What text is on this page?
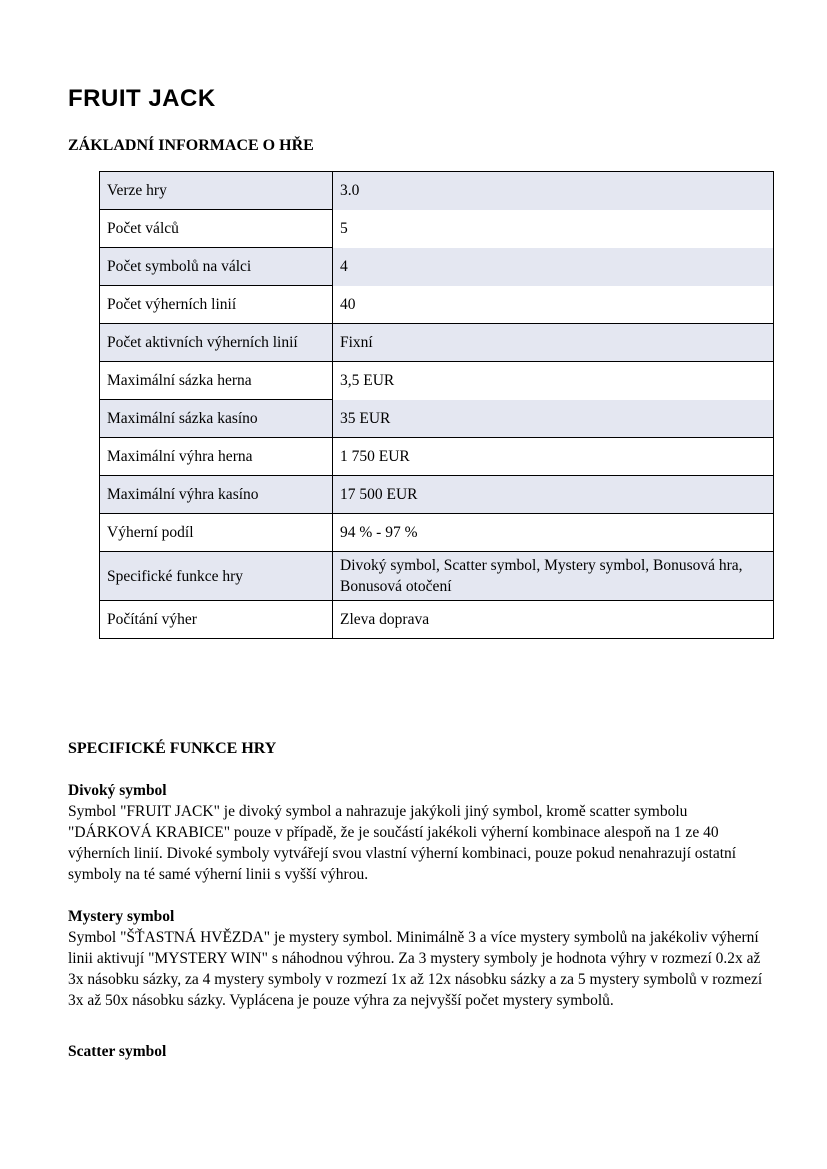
FRUIT JACK
ZÁKLADNÍ INFORMACE O HŘE
Verze hry	3.0
Počet válců	5
Počet symbolů na válci	4
Počet výherních linií	40
Počet aktivních výherních linií	Fixní
Maximální sázka herna	3,5 EUR
Maximální sázka kasíno	35 EUR
Maximální výhra herna	1 750 EUR
Maximální výhra kasíno	17 500 EUR
Výherní podíl	94 % - 97 %
Specifické funkce hry	Divoký symbol, Scatter symbol, Mystery symbol, Bonusová hra, Bonusová otočení
Počítání výher	Zleva doprava
SPECIFICKÉ FUNKCE HRY
Divoký symbol

Symbol "FRUIT JACK" je divoký symbol a nahrazuje jakýkoli jiný symbol, kromě scatter symbolu "DÁRKOVÁ KRABICE" pouze v případě, že je součástí jakékoli výherní kombinace alespoň na 1 ze 40 výherních linií. Divoké symboly vytvářejí svou vlastní výherní kombinaci, pouze pokud nenahrazují ostatní symboly na té samé výherní linii s vyšší výhrou.

Mystery symbol

Symbol "ŠŤASTNÁ HVĚZDA" je mystery symbol. Minimálně 3 a více mystery symbolů na jakékoliv výherní linii aktivují "MYSTERY WIN" s náhodnou výhrou. Za 3 mystery symboly je hodnota výhry v rozmezí 0.2x až 3x násobku sázky, za 4 mystery symboly v rozmezí 1x až 12x násobku sázky a za 5 mystery symbolů v rozmezí 3x až 50x násobku sázky. Vyplácena je pouze výhra za nejvyšší počet mystery symbolů.

Scatter symbol
